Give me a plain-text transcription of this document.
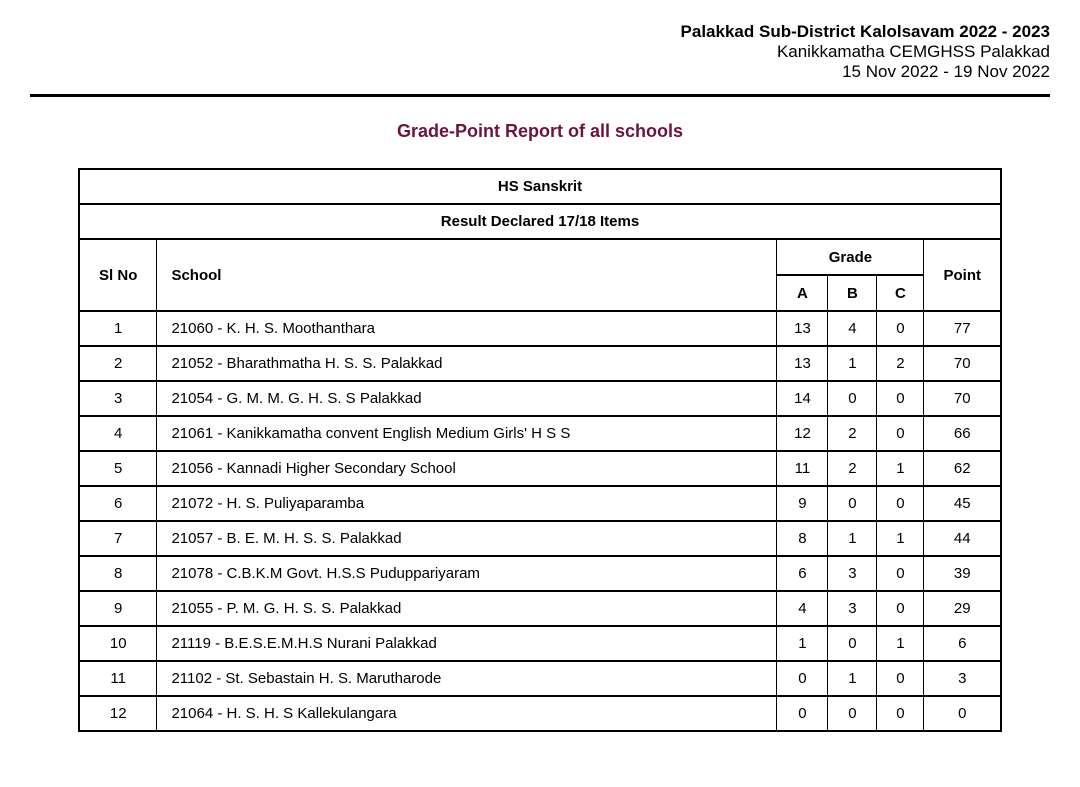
Palakkad Sub-District Kalolsavam 2022 - 2023
Kanikkamatha CEMGHSS Palakkad
15 Nov 2022 - 19 Nov 2022
Grade-Point Report of all schools
HS Sanskrit					
Result Declared 17/18 Items					
Sl No	School	Grade			Point
		A	B	C	
1	21060 - K. H. S. Moothanthara	13	4	0	77
2	21052 - Bharathmatha H. S. S. Palakkad	13	1	2	70
3	21054 - G. M. M. G. H. S. S Palakkad	14	0	0	70
4	21061 - Kanikkamatha convent English Medium Girls' H S S	12	2	0	66
5	21056 - Kannadi Higher Secondary School	11	2	1	62
6	21072 - H. S. Puliyaparamba	9	0	0	45
7	21057 - B. E. M. H. S. S. Palakkad	8	1	1	44
8	21078 - C.B.K.M Govt. H.S.S Puduppariyaram	6	3	0	39
9	21055 - P. M. G. H. S. S. Palakkad	4	3	0	29
10	21119 - B.E.S.E.M.H.S Nurani Palakkad	1	0	1	6
11	21102 - St. Sebastain H. S. Marutharode	0	1	0	3
12	21064 - H. S. H. S Kallekulangara	0	0	0	0
